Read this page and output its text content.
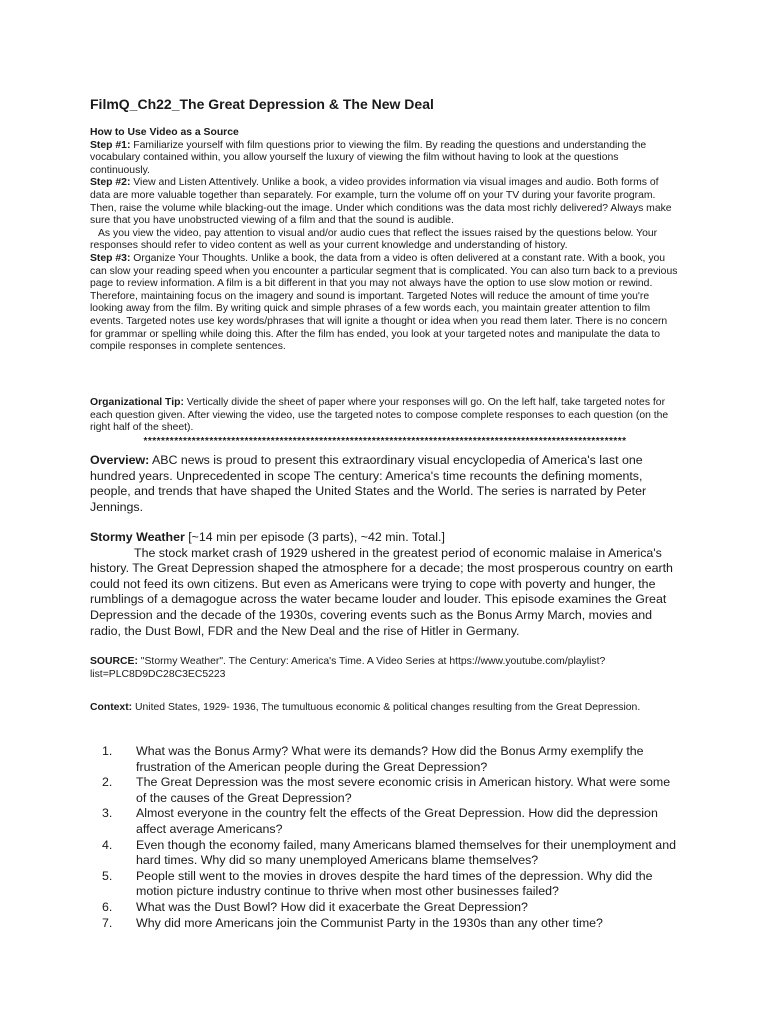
FilmQ_Ch22_The Great Depression & The New Deal
How to Use Video as a Source
Step #1: Familiarize yourself with film questions prior to viewing the film. By reading the questions and understanding the vocabulary contained within, you allow yourself the luxury of viewing the film without having to look at the questions continuously.
Step #2: View and Listen Attentively. Unlike a book, a video provides information via visual images and audio. Both forms of data are more valuable together than separately. For example, turn the volume off on your TV during your favorite program. Then, raise the volume while blacking-out the image. Under which conditions was the data most richly delivered? Always make sure that you have unobstructed viewing of a film and that the sound is audible.
As you view the video, pay attention to visual and/or audio cues that reflect the issues raised by the questions below. Your responses should refer to video content as well as your current knowledge and understanding of history.
Step #3: Organize Your Thoughts. Unlike a book, the data from a video is often delivered at a constant rate. With a book, you can slow your reading speed when you encounter a particular segment that is complicated. You can also turn back to a previous page to review information. A film is a bit different in that you may not always have the option to use slow motion or rewind. Therefore, maintaining focus on the imagery and sound is important. Targeted Notes will reduce the amount of time you're looking away from the film. By writing quick and simple phrases of a few words each, you maintain greater attention to film events. Targeted notes use key words/phrases that will ignite a thought or idea when you read them later. There is no concern for grammar or spelling while doing this. After the film has ended, you look at your targeted notes and manipulate the data to compile responses in complete sentences.
Organizational Tip: Vertically divide the sheet of paper where your responses will go. On the left half, take targeted notes for each question given. After viewing the video, use the targeted notes to compose complete responses to each question (on the right half of the sheet).
**************************************************************************************************************
Overview: ABC news is proud to present this extraordinary visual encyclopedia of America's last one hundred years. Unprecedented in scope The century: America's time recounts the defining moments, people, and trends that have shaped the United States and the World. The series is narrated by Peter Jennings.
Stormy Weather [~14 min per episode (3 parts), ~42 min. Total.]
The stock market crash of 1929 ushered in the greatest period of economic malaise in America's history. The Great Depression shaped the atmosphere for a decade; the most prosperous country on earth could not feed its own citizens. But even as Americans were trying to cope with poverty and hunger, the rumblings of a demagogue across the water became louder and louder. This episode examines the Great Depression and the decade of the 1930s, covering events such as the Bonus Army March, movies and radio, the Dust Bowl, FDR and the New Deal and the rise of Hitler in Germany.
SOURCE: "Stormy Weather". The Century: America's Time. A Video Series at https://www.youtube.com/playlist?list=PLC8D9DC28C3EC5223
Context: United States, 1929- 1936, The tumultuous economic & political changes resulting from the Great Depression.
1. What was the Bonus Army? What were its demands? How did the Bonus Army exemplify the frustration of the American people during the Great Depression?
2. The Great Depression was the most severe economic crisis in American history. What were some of the causes of the Great Depression?
3. Almost everyone in the country felt the effects of the Great Depression. How did the depression affect average Americans?
4. Even though the economy failed, many Americans blamed themselves for their unemployment and hard times. Why did so many unemployed Americans blame themselves?
5. People still went to the movies in droves despite the hard times of the depression. Why did the motion picture industry continue to thrive when most other businesses failed?
6. What was the Dust Bowl? How did it exacerbate the Great Depression?
7. Why did more Americans join the Communist Party in the 1930s than any other time?
